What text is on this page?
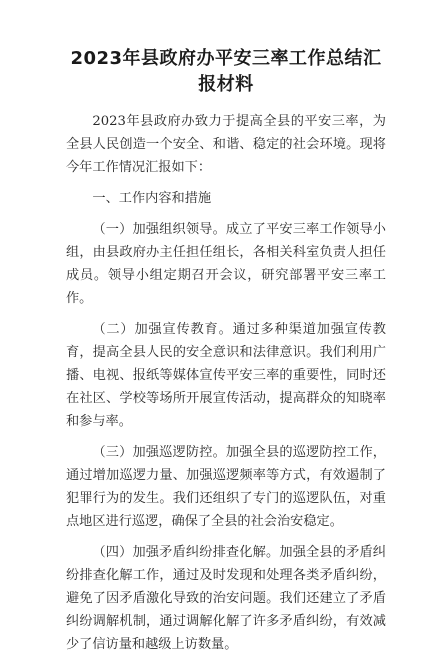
2023年县政府办平安三率工作总结汇报材料

2023年县政府办致力于提高全县的平安三率，为全县人民创造一个安全、和谐、稳定的社会环境。现将今年工作情况汇报如下：

一、工作内容和措施

（一）加强组织领导。成立了平安三率工作领导小组，由县政府办主任担任组长，各相关科室负责人担任成员。领导小组定期召开会议，研究部署平安三率工作。

（二）加强宣传教育。通过多种渠道加强宣传教育，提高全县人民的安全意识和法律意识。我们利用广播、电视、报纸等媒体宣传平安三率的重要性，同时还在社区、学校等场所开展宣传活动，提高群众的知晓率和参与率。

（三）加强巡逻防控。加强全县的巡逻防控工作，通过增加巡逻力量、加强巡逻频率等方式，有效遏制了犯罪行为的发生。我们还组织了专门的巡逻队伍，对重点地区进行巡逻，确保了全县的社会治安稳定。

（四）加强矛盾纠纷排查化解。加强全县的矛盾纠纷排查化解工作，通过及时发现和处理各类矛盾纠纷，避免了因矛盾激化导致的治安问题。我们还建立了矛盾纠纷调解机制，通过调解化解了许多矛盾纠纷，有效减少了信访量和越级上访数量。
